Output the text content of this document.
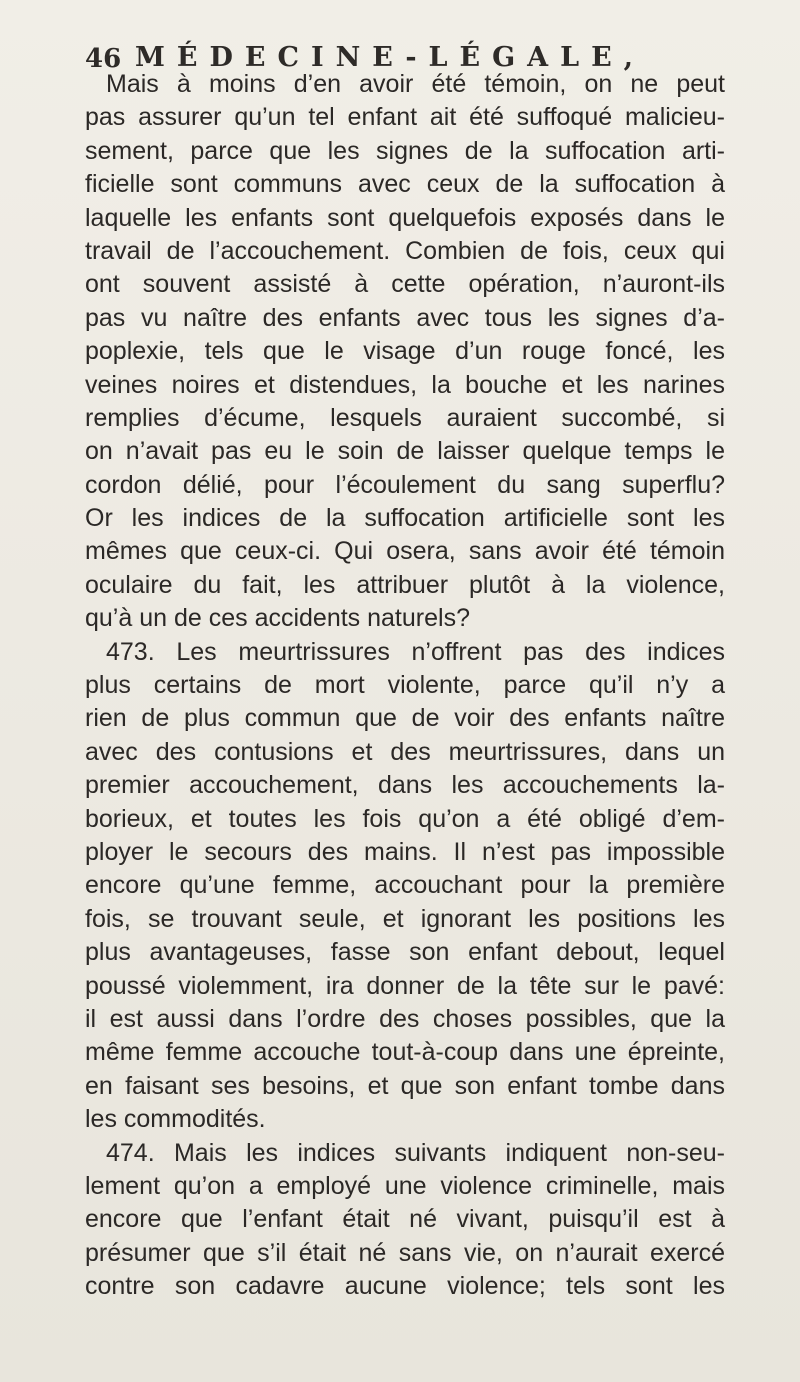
46 MÉDECINE-LÉGALE,
Mais à moins d’en avoir été témoin, on ne peut
pas assurer qu’un tel enfant ait été suffoqué malicieu-
sement, parce que les signes de la suffocation arti-
ficielle sont communs avec ceux de la suffocation à
laquelle les enfants sont quelquefois exposés dans le
travail de l’accouchement. Combien de fois, ceux qui
ont souvent assisté à cette opération, n’auront-ils
pas vu naître des enfants avec tous les signes d’a-
poplexie, tels que le visage d’un rouge foncé, les
veines noires et distendues, la bouche et les narines
remplies d’écume, lesquels auraient succombé, si
on n’avait pas eu le soin de laisser quelque temps le
cordon délié, pour l’écoulement du sang superflu?
Or les indices de la suffocation artificielle sont les
mêmes que ceux-ci. Qui osera, sans avoir été témoin
oculaire du fait, les attribuer plutôt à la violence,
qu’à un de ces accidents naturels?
473. Les meurtrissures n’offrent pas des indices
plus certains de mort violente, parce qu’il n’y a
rien de plus commun que de voir des enfants naître
avec des contusions et des meurtrissures, dans un
premier accouchement, dans les accouchements la-
borieux, et toutes les fois qu’on a été obligé d’em-
ployer le secours des mains. Il n’est pas impossible
encore qu’une femme, accouchant pour la première
fois, se trouvant seule, et ignorant les positions les
plus avantageuses, fasse son enfant debout, lequel
poussé violemment, ira donner de la tête sur le pavé:
il est aussi dans l’ordre des choses possibles, que la
même femme accouche tout-à-coup dans une épreinte,
en faisant ses besoins, et que son enfant tombe dans
les commodités.
474. Mais les indices suivants indiquent non-seu-
lement qu’on a employé une violence criminelle, mais
encore que l’enfant était né vivant, puisqu’il est à
présumer que s’il était né sans vie, on n’aurait exercé
contre son cadavre aucune violence; tels sont les
